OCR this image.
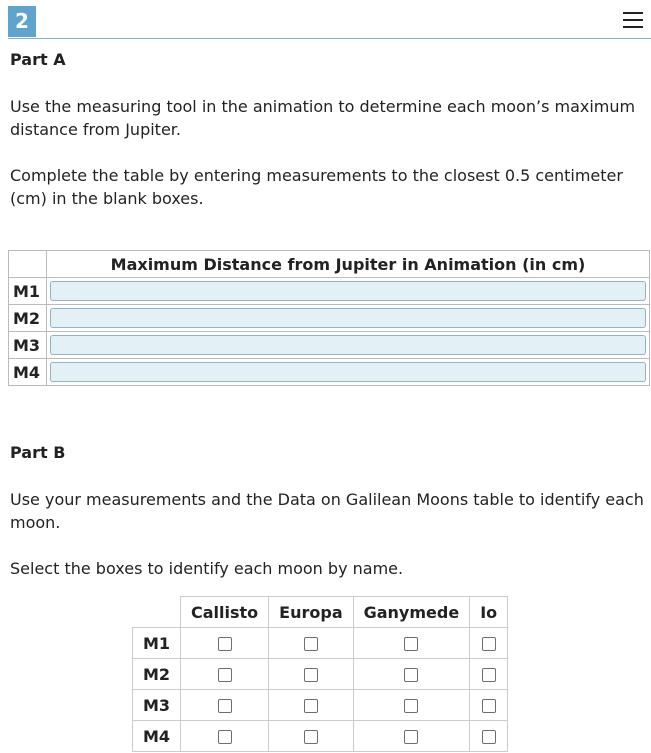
2
Part A
Use the measuring tool in the animation to determine each moon’s maximum distance from Jupiter.
Complete the table by entering measurements to the closest 0.5 centimeter (cm) in the blank boxes.
	Maximum Distance from Jupiter in Animation (in cm)
M1	
M2	
M3	
M4	
Part B
Use your measurements and the Data on Galilean Moons table to identify each moon.
Select the boxes to identify each moon by name.
	Callisto	Europa	Ganymede	Io
M1				
M2				
M3				
M4				
